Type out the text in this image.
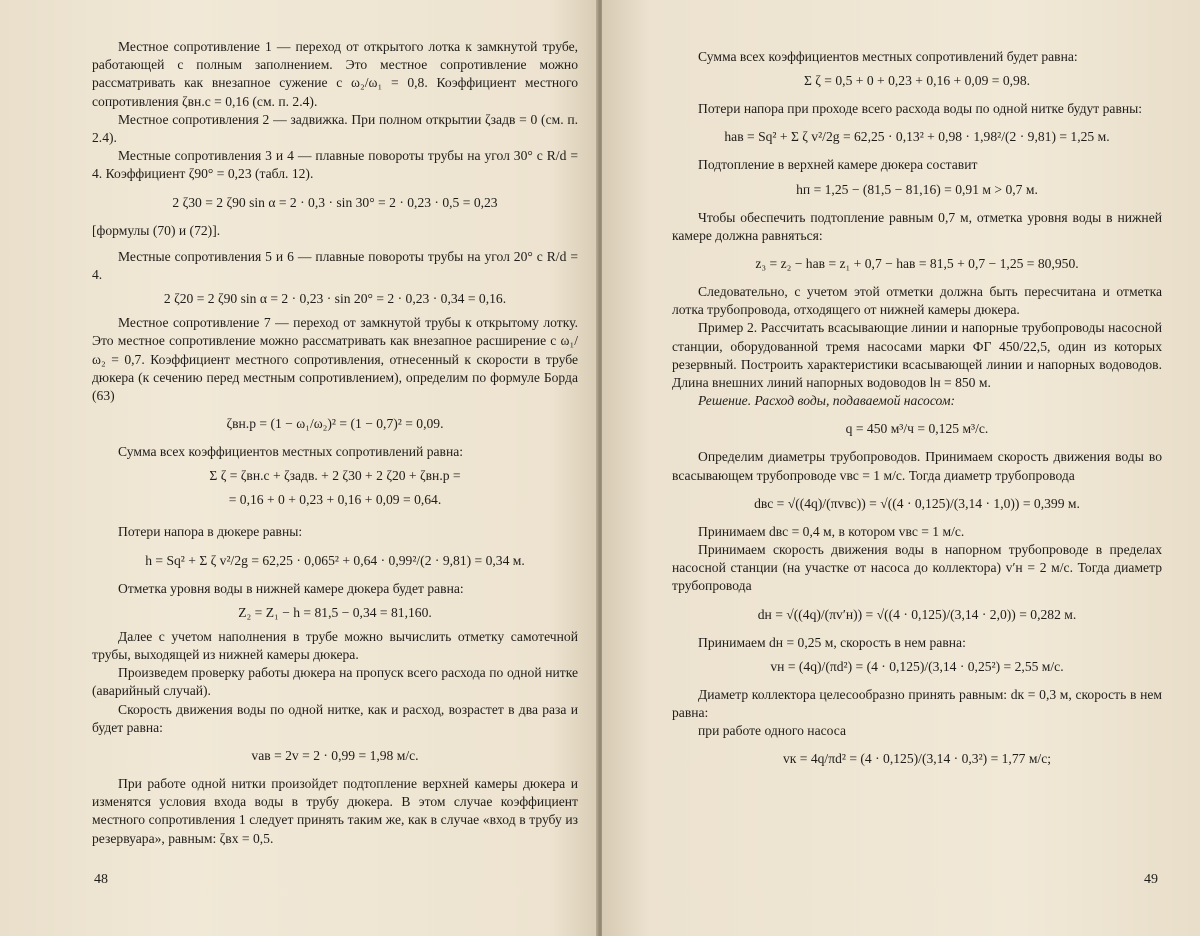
Местное сопротивление 1 — переход от открытого лотка к замкнутой трубе, работающей с полным заполнением. Это местное сопротивление можно рассматривать как внезапное сужение с ω₂/ω₁ = 0,8. Коэффициент местного сопротивления ζвн.с = 0,16 (см. п. 2.4).

Местное сопротивления 2 — задвижка. При полном открытии ζзадв = 0 (см. п. 2.4).

Местные сопротивления 3 и 4 — плавные повороты трубы на угол 30° с R/d = 4. Коэффициент ζ90° = 0,23 (табл. 12).

2 ζ30 = 2 ζ90 sin α = 2 · 0,3 · sin 30° = 2 · 0,23 · 0,5 = 0,23

[формулы (70) и (72)].

Местные сопротивления 5 и 6 — плавные повороты трубы на угол 20° с R/d = 4.

2 ζ20 = 2 ζ90 sin α = 2 · 0,23 · sin 20° = 2 · 0,23 · 0,34 = 0,16.

Местное сопротивление 7 — переход от замкнутой трубы к открытому лотку. Это местное сопротивление можно рассматривать как внезапное расширение с ω₁/ω₂ = 0,7. Коэффициент местного сопротивления, отнесенный к скорости в трубе дюкера (к сечению перед местным сопротивлением), определим по формуле Борда (63)

ζвн.р = (1 − ω₁/ω₂)² = (1 − 0,7)² = 0,09.

Сумма всех коэффициентов местных сопротивлений равна:

Σ ζ = ζвн.с + ζзадв. + 2 ζ30 + 2 ζ20 + ζвн.р =
= 0,16 + 0 + 0,23 + 0,16 + 0,09 = 0,64.

Потери напора в дюкере равны:

h = Sq² + Σ ζ v²/2g = 62,25 · 0,065² + 0,64 · 0,99²/(2 · 9,81) = 0,34 м.

Отметка уровня воды в нижней камере дюкера будет равна:

Z₂ = Z₁ − h = 81,5 − 0,34 = 81,160.

Далее с учетом наполнения в трубе можно вычислить отметку самотечной трубы, выходящей из нижней камеры дюкера.

Произведем проверку работы дюкера на пропуск всего расхода по одной нитке (аварийный случай).

Скорость движения воды по одной нитке, как и расход, возрастет в два раза и будет равна:

vав = 2v = 2 · 0,99 = 1,98 м/с.

При работе одной нитки произойдет подтопление верхней камеры дюкера и изменятся условия входа воды в трубу дюкера. В этом случае коэффициент местного сопротивления 1 следует принять таким же, как в случае «вход в трубу из резервуара», равным: ζвх = 0,5.

48

Сумма всех коэффициентов местных сопротивлений будет равна:

Σ ζ = 0,5 + 0 + 0,23 + 0,16 + 0,09 = 0,98.

Потери напора при проходе всего расхода воды по одной нитке будут равны:

hав = Sq² + Σ ζ v²/2g = 62,25 · 0,13² + 0,98 · 1,98²/(2 · 9,81) = 1,25 м.

Подтопление в верхней камере дюкера составит

hп = 1,25 − (81,5 − 81,16) = 0,91 м > 0,7 м.

Чтобы обеспечить подтопление равным 0,7 м, отметка уровня воды в нижней камере должна равняться:

z₃ = z₂ − hав = z₁ + 0,7 − hав = 81,5 + 0,7 − 1,25 = 80,950.

Следовательно, с учетом этой отметки должна быть пересчитана и отметка лотка трубопровода, отходящего от нижней камеры дюкера.

Пример 2. Рассчитать всасывающие линии и напорные трубопроводы насосной станции, оборудованной тремя насосами марки ФГ 450/22,5, один из которых резервный. Построить характеристики всасывающей линии и напорных водоводов. Длина внешних линий напорных водоводов lн = 850 м.

Решение. Расход воды, подаваемой насосом:

q = 450 м³/ч = 0,125 м³/с.

Определим диаметры трубопроводов. Принимаем скорость движения воды во всасывающем трубопроводе vвс = 1 м/с. Тогда диаметр трубопровода

dвс = √((4q)/(πvвс)) = √((4 · 0,125)/(3,14 · 1,0)) = 0,399 м.

Принимаем dвс = 0,4 м, в котором vвс = 1 м/с.

Принимаем скорость движения воды в напорном трубопроводе в пределах насосной станции (на участке от насоса до коллектора) v′н = 2 м/с. Тогда диаметр трубопровода

dн = √((4q)/(πv′н)) = √((4 · 0,125)/(3,14 · 2,0)) = 0,282 м.

Принимаем dн = 0,25 м, скорость в нем равна:

vн = (4q)/(πd²) = (4 · 0,125)/(3,14 · 0,25²) = 2,55 м/с.

Диаметр коллектора целесообразно принять равным: dк = 0,3 м, скорость в нем равна:

при работе одного насоса

vк = 4q/πd² = (4 · 0,125)/(3,14 · 0,3²) = 1,77 м/с;
49
